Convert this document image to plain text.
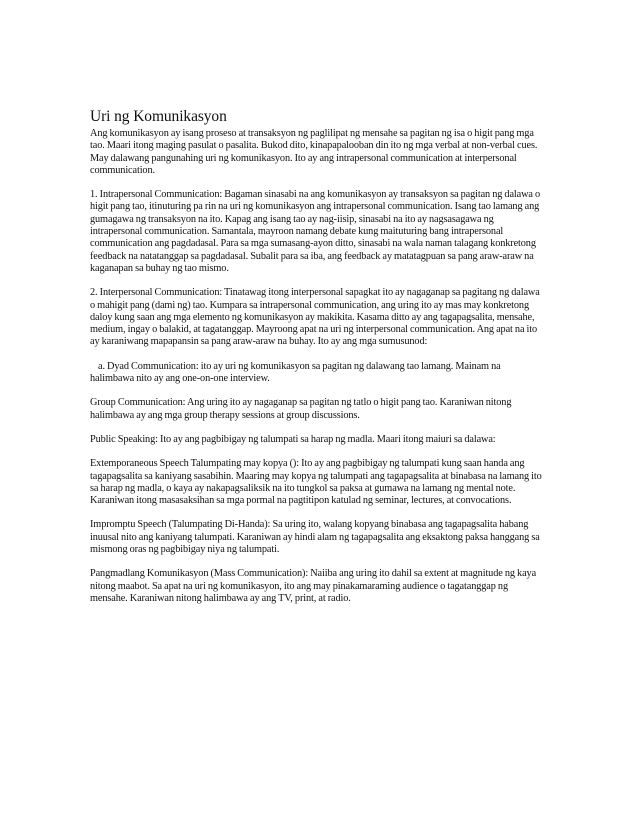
Uri ng Komunikasyon

Ang komunikasyon ay isang proseso at transaksyon ng paglilipat ng mensahe sa pagitan ng isa o higit pang mga tao. Maari itong maging pasulat o pasalita. Bukod dito, kinapapalooban din ito ng mga verbal at non-verbal cues. May dalawang pangunahing uri ng komunikasyon. Ito ay ang intrapersonal communication at interpersonal communication.

1. Intrapersonal Communication: Bagaman sinasabi na ang komunikasyon ay transaksyon sa pagitan ng dalawa o higit pang tao, itinuturing pa rin na uri ng komunikasyon ang intrapersonal communication. Isang tao lamang ang gumagawa ng transaksyon na ito. Kapag ang isang tao ay nag-iisip, sinasabi na ito ay nagsasagawa ng intrapersonal communication. Samantala, mayroon namang debate kung maituturing bang intrapersonal communication ang pagdadasal. Para sa mga sumasang-ayon ditto, sinasabi na wala naman talagang konkretong feedback na natatanggap sa pagdadasal. Subalit para sa iba, ang feedback ay matatagpuan sa pang araw-araw na kaganapan sa buhay ng tao mismo.

2. Interpersonal Communication: Tinatawag itong interpersonal sapagkat ito ay nagaganap sa pagitang ng dalawa o mahigit pang (dami ng) tao. Kumpara sa intrapersonal communication, ang uring ito ay mas may konkretong daloy kung saan ang mga elemento ng komunikasyon ay makikita. Kasama ditto ay ang tagapagsalita, mensahe, medium, ingay o balakid, at tagatanggap. Mayroong apat na uri ng interpersonal communication. Ang apat na ito ay karaniwang mapapansin sa pang araw-araw na buhay. Ito ay ang mga sumusunod:

a. Dyad Communication: ito ay uri ng komunikasyon sa pagitan ng dalawang tao lamang. Mainam na halimbawa nito ay ang one-on-one interview.

Group Communication: Ang uring ito ay nagaganap sa pagitan ng tatlo o higit pang tao. Karaniwan nitong halimbawa ay ang mga group therapy sessions at group discussions.

Public Speaking: Ito ay ang pagbibigay ng talumpati sa harap ng madla. Maari itong maiuri sa dalawa:

Extemporaneous Speech Talumpating may kopya (): Ito ay ang pagbibigay ng talumpati kung saan handa ang tagapagsalita sa kaniyang sasabihin. Maaring may kopya ng talumpati ang tagapagsalita at binabasa na lamang ito sa harap ng madla, o kaya ay nakapagsaliksik na ito tungkol sa paksa at gumawa na lamang ng mental note. Karaniwan itong masasaksihan sa mga pormal na pagtitipon katulad ng seminar, lectures, at convocations.

Impromptu Speech (Talumpating Di-Handa): Sa uring ito, walang kopyang binabasa ang tagapagsalita habang inuusal nito ang kaniyang talumpati. Karaniwan ay hindi alam ng tagapagsalita ang eksaktong paksa hanggang sa mismong oras ng pagbibigay niya ng talumpati.

Pangmadlang Komunikasyon (Mass Communication): Naiiba ang uring ito dahil sa extent at magnitude ng kaya nitong maabot. Sa apat na uri ng komunikasyon, ito ang may pinakamaraming audience o tagatanggap ng mensahe. Karaniwan nitong halimbawa ay ang TV, print, at radio.
